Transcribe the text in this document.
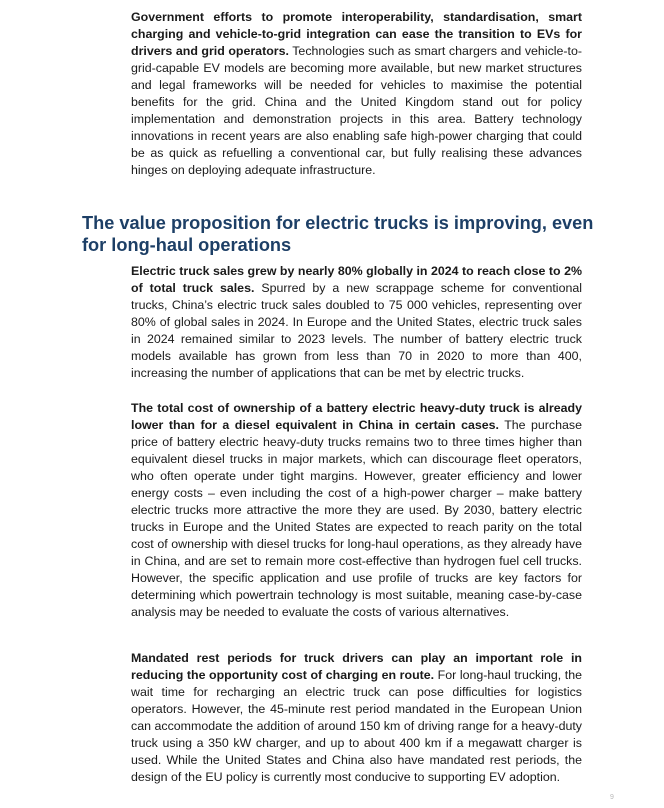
Government efforts to promote interoperability, standardisation, smart charging and vehicle-to-grid integration can ease the transition to EVs for drivers and grid operators. Technologies such as smart chargers and vehicle-to-grid-capable EV models are becoming more available, but new market structures and legal frameworks will be needed for vehicles to maximise the potential benefits for the grid. China and the United Kingdom stand out for policy implementation and demonstration projects in this area. Battery technology innovations in recent years are also enabling safe high-power charging that could be as quick as refuelling a conventional car, but fully realising these advances hinges on deploying adequate infrastructure.

The value proposition for electric trucks is improving, even for long-haul operations

Electric truck sales grew by nearly 80% globally in 2024 to reach close to 2% of total truck sales. Spurred by a new scrappage scheme for conventional trucks, China’s electric truck sales doubled to 75 000 vehicles, representing over 80% of global sales in 2024. In Europe and the United States, electric truck sales in 2024 remained similar to 2023 levels. The number of battery electric truck models available has grown from less than 70 in 2020 to more than 400, increasing the number of applications that can be met by electric trucks.

The total cost of ownership of a battery electric heavy-duty truck is already lower than for a diesel equivalent in China in certain cases. The purchase price of battery electric heavy-duty trucks remains two to three times higher than equivalent diesel trucks in major markets, which can discourage fleet operators, who often operate under tight margins. However, greater efficiency and lower energy costs – even including the cost of a high-power charger – make battery electric trucks more attractive the more they are used. By 2030, battery electric trucks in Europe and the United States are expected to reach parity on the total cost of ownership with diesel trucks for long-haul operations, as they already have in China, and are set to remain more cost-effective than hydrogen fuel cell trucks. However, the specific application and use profile of trucks are key factors for determining which powertrain technology is most suitable, meaning case-by-case analysis may be needed to evaluate the costs of various alternatives.

Mandated rest periods for truck drivers can play an important role in reducing the opportunity cost of charging en route. For long-haul trucking, the wait time for recharging an electric truck can pose difficulties for logistics operators. However, the 45-minute rest period mandated in the European Union can accommodate the addition of around 150 km of driving range for a heavy-duty truck using a 350 kW charger, and up to about 400 km if a megawatt charger is used. While the United States and China also have mandated rest periods, the design of the EU policy is currently most conducive to supporting EV adoption.

9
